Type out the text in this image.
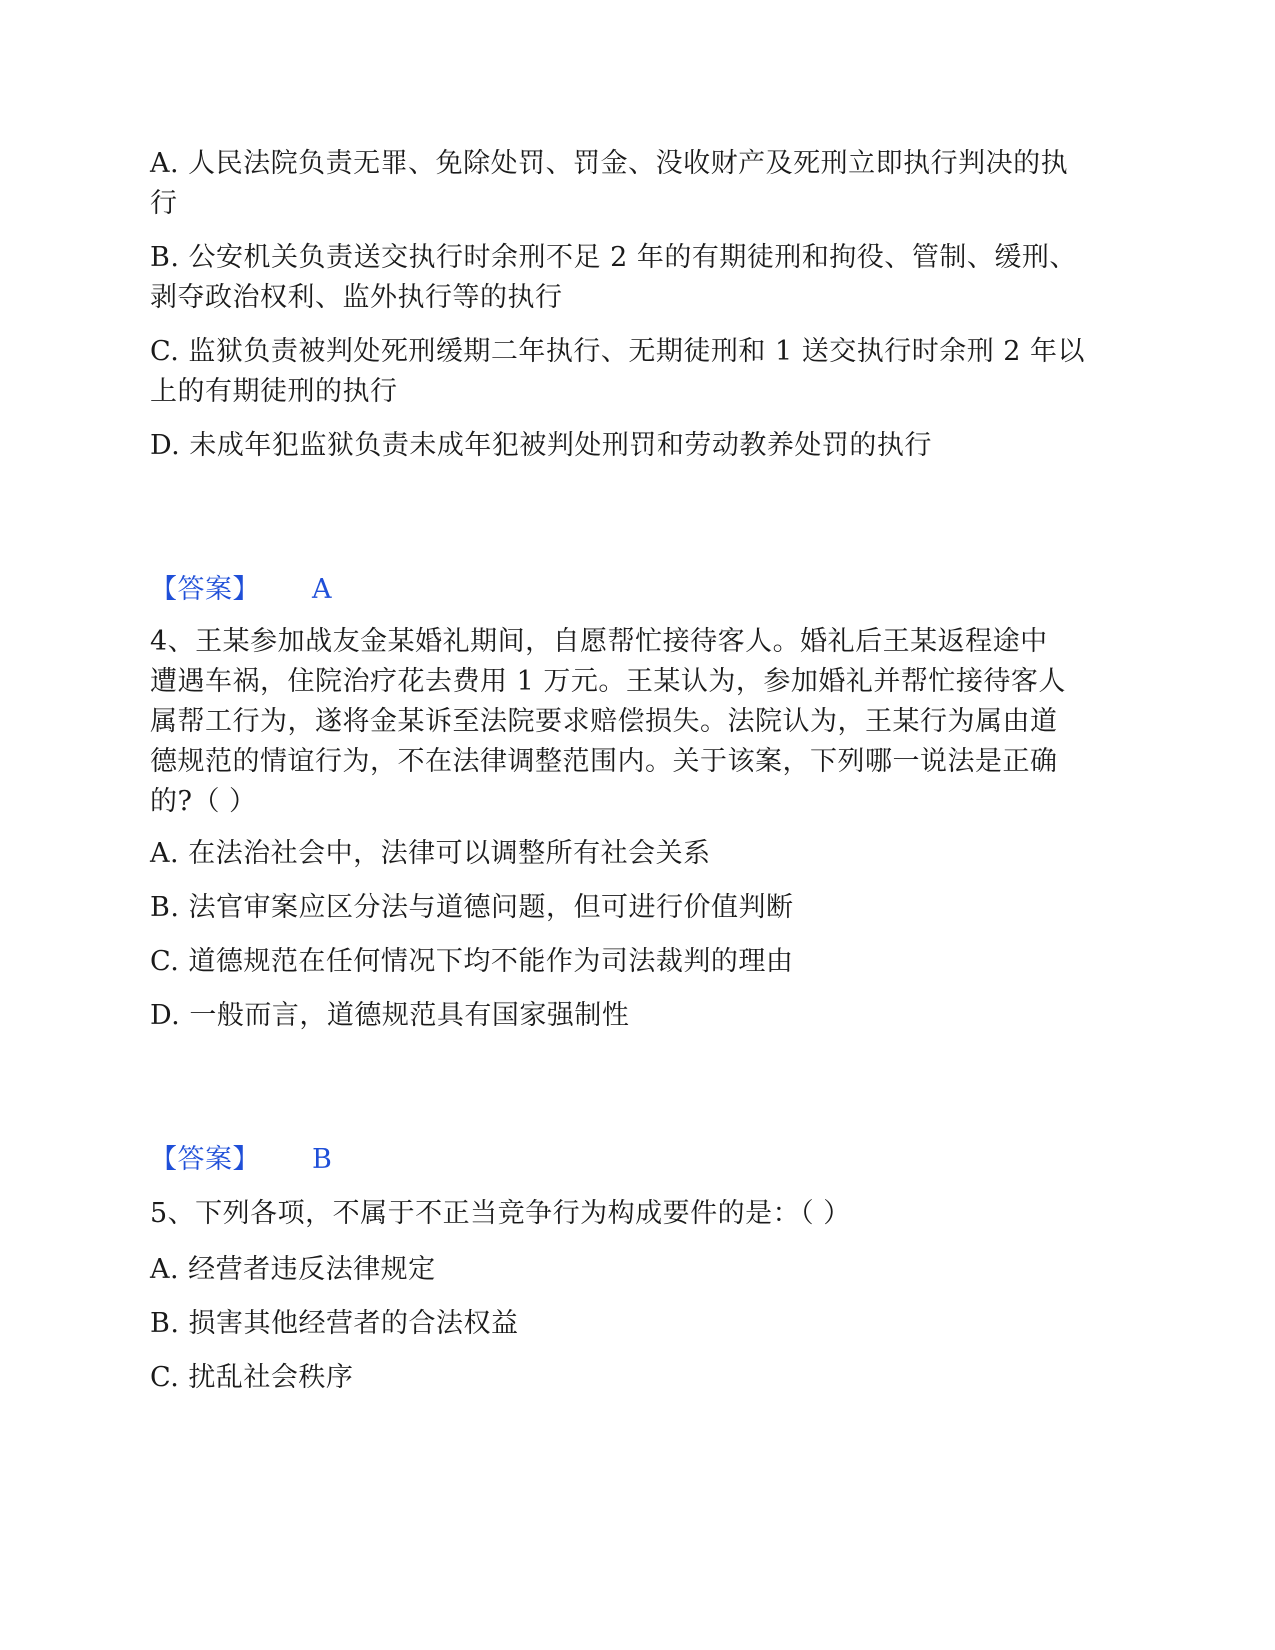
A. 人民法院负责无罪、免除处罚、罚金、没收财产及死刑立即执行判决的执
行
B. 公安机关负责送交执行时余刑不足 2 年的有期徒刑和拘役、管制、缓刑、
剥夺政治权利、监外执行等的执行
C. 监狱负责被判处死刑缓期二年执行、无期徒刑和 1 送交执行时余刑 2 年以
上的有期徒刑的执行
D. 未成年犯监狱负责未成年犯被判处刑罚和劳动教养处罚的执行
【答案】 A
4、王某参加战友金某婚礼期间，自愿帮忙接待客人。婚礼后王某返程途中
遭遇车祸，住院治疗花去费用 1 万元。王某认为，参加婚礼并帮忙接待客人
属帮工行为，遂将金某诉至法院要求赔偿损失。法院认为，王某行为属由道
德规范的情谊行为，不在法律调整范围内。关于该案，下列哪一说法是正确
的?（ ）
A. 在法治社会中，法律可以调整所有社会关系
B. 法官审案应区分法与道德问题，但可进行价值判断
C. 道德规范在任何情况下均不能作为司法裁判的理由
D. 一般而言，道德规范具有国家强制性
【答案】 B
5、下列各项，不属于不正当竞争行为构成要件的是：（ ）
A. 经营者违反法律规定
B. 损害其他经营者的合法权益
C. 扰乱社会秩序
